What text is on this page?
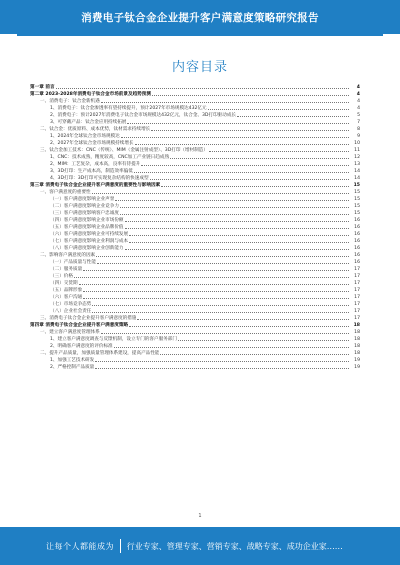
消费电子钛合金企业提升客户满意度策略研究报告
内容目录
第一章 前言	4
第二章 2023-2028年消费电子钛合金市场前景及趋势预测	4
一、消费电子：钛合金新机遇	4
1、消费电子：钛合金渗透率有望持续提升，预计2027年市场规模达432亿元	4
2、消费电子：预计2027年消费电子钛合金市场规模达432亿元，钛合金、3D打印驱动成长	5
3、可穿戴产品：钛合金应用持续拓展	7
二、钛合金：优质原料、成本优势，钛材需求持续增长	8
1、2024年全球钛合金市场规模达	9
2、2027年全球钛合金市场规模持续增长	10
三、钛合金加工技术：CNC（传统）、MIM（金属注射成型）、3D打印（增材制造）	11
1、CNC：技术成熟，精度较高，CNC加工产业链日趋成熟	12
2、MIM：工艺复杂，成本高，良率有待提升	13
3、3D打印：生产成本高，制造效率偏低	14
4、3D打印：3D打印可实现复杂结构的快速成型	14
第三章 消费电子钛合金企业提升客户满意度的重要性与影响因素	15
一、客户满意度的重要性	15
（一）客户满意度影响企业声誉	15
（二）客户满意度影响企业竞争力	15
（三）客户满意度影响客户忠诚度	15
（四）客户满意度影响企业市场份额	16
（五）客户满意度影响企业品牌价值	16
（六）客户满意度影响企业可持续发展	16
（七）客户满意度影响企业利润与成本	16
（八）客户满意度影响企业创新能力	16
二、影响客户满意度的因素	16
（一）产品质量与性能	16
（二）服务质量	17
（三）价格	17
（四）交货期	17
（五）品牌形象	17
（六）客户沟通	17
（七）市场竞争态势	17
（八）企业社会责任	17
三、消费电子钛合金企业提升客户满意度的措施	17
第四章 消费电子钛合金企业提升客户满意度策略	18
一、建立客户满意度管理体系	18
1、建立客户满意度调查与反馈机制，设立专门的客户服务部门	18
2、明确客户满意度的评价标准	18
二、提升产品质量，加强质量管理体系建设，提高产品性能	18
1、加强工艺技术研发	19
2、严格控制产品质量	19
1
让每个人都能成为 行业专家、管理专家、营销专家、战略专家、成功企业家……
